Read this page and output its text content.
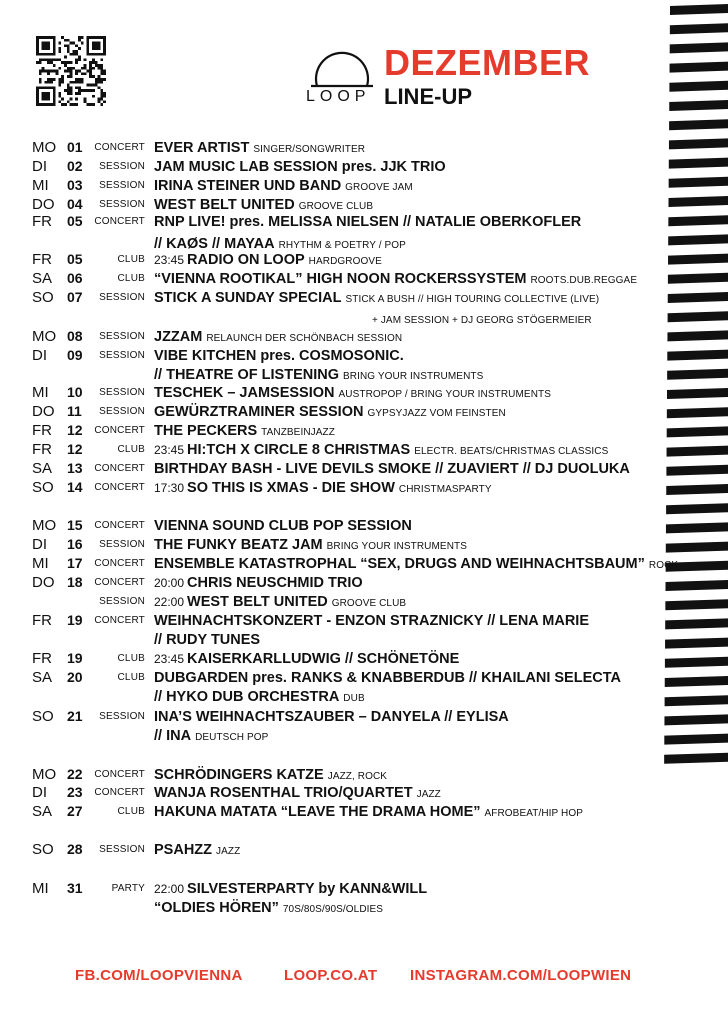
LOOP
DEZEMBER
LINE-UP
MO 01	CONCERT EVER ARTIST SINGER/SONGWRITER
DI	02	SESSION JAM MUSIC LAB SESSION pres. JJK TRIO
MI	03	SESSION IRINA STEINER UND BAND GROOVE JAM
DO 04	SESSION WEST BELT UNITED GROOVE CLUB
FR	05	CONCERT RNP LIVE! pres. MELISSA NIELSEN // NATALIE OBERKOFLER
// KAØS // MAYAA RHYTHM & POETRY / POP
FR	05	CLUB 23:45 RADIO ON LOOP HARDGROOVE
SA	06	CLUB “VIENNA ROOTIKAL” HIGH NOON ROCKERSSYSTEM ROOTS.DUB.REGGAE
SO 07	SESSION STICK A SUNDAY SPECIAL STICK A BUSH // HIGH TOURING COLLECTIVE (LIVE)
+ JAM SESSION + DJ GEORG STÖGERMEIER
MO 08	SESSION JZZAM RELAUNCH DER SCHÖNBACH SESSION
DI	09	SESSION VIBE KITCHEN pres. COSMOSONIC.
// THEATRE OF LISTENING BRING YOUR INSTRUMENTS
MI	10	SESSION TESCHEK – JAMSESSION AUSTROPOP / BRING YOUR INSTRUMENTS
DO 11	SESSION GEWÜRZTRAMINER SESSION GYPSYJAZZ VOM FEINSTEN
FR	12	CONCERT THE PECKERS TANZBEINJAZZ
FR	12	CLUB 23:45 HI:TCH X CIRCLE 8 CHRISTMAS ELECTR. BEATS/CHRISTMAS CLASSICS
SA	13	CONCERT BIRTHDAY BASH - LIVE DEVILS SMOKE // ZUAVIERT // DJ DUOLUKA
SO 14	CONCERT 17:30 SO THIS IS XMAS - DIE SHOW CHRISTMASPARTY
MO 15	CONCERT VIENNA SOUND CLUB POP SESSION
DI	16	SESSION THE FUNKY BEATZ JAM BRING YOUR INSTRUMENTS
MI	17	CONCERT ENSEMBLE KATASTROPHAL “SEX, DRUGS AND WEIHNACHTSBAUM” ROCK
DO 18	CONCERT 20:00 CHRIS NEUSCHMID TRIO
SESSION 22:00 WEST BELT UNITED GROOVE CLUB
FR	19	CONCERT WEIHNACHTSKONZERT - ENZON STRAZNICKY // LENA MARIE
// RUDY TUNES
FR	19	CLUB 23:45 KAISERKARLLUDWIG // SCHÖNETÖNE
SA	20	CLUB DUBGARDEN pres. RANKS & KNABBERDUB // KHAILANI SELECTA
// HYKO DUB ORCHESTRA DUB
SO 21	SESSION INA’S WEIHNACHTSZAUBER – DANYELA // EYLISA
// INA DEUTSCH POP
MO 22	CONCERT SCHRÖDINGERS KATZE JAZZ, ROCK
DI	23	CONCERT WANJA ROSENTHAL TRIO/QUARTET JAZZ
SA	27	CLUB HAKUNA MATATA “LEAVE THE DRAMA HOME” AFROBEAT/HIP HOP
SO 28	SESSION PSAHZZ JAZZ
MI	31	PARTY 22:00 SILVESTERPARTY by KANN&WILL
“OLDIES HÖREN” 70S/80S/90S/OLDIES
FB.COM/LOOPVIENNA	LOOP.CO.AT INSTAGRAM.COM/LOOPWIEN
